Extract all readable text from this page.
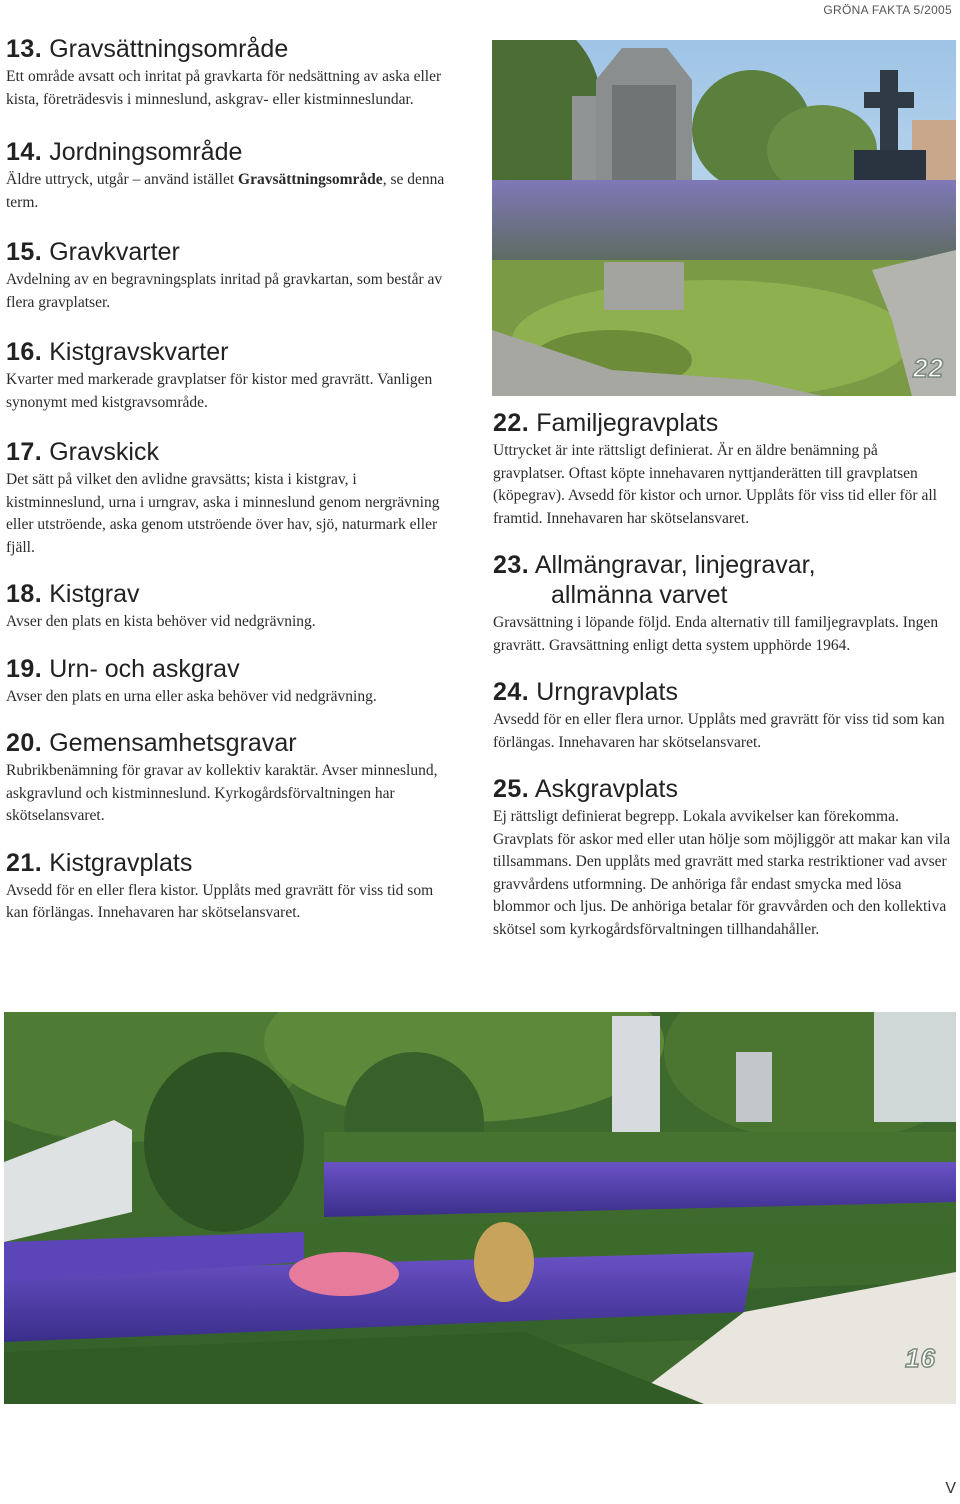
GRÖNA FAKTA 5/2005
13. Gravsättningsområde

Ett område avsatt och inritat på gravkarta för nedsättning av aska eller kista, företrädesvis i minneslund, askgrav- eller kistminneslundar.

14. Jordningsområde

Äldre uttryck, utgår – använd istället Gravsättningsområde, se denna term.

15. Gravkvarter

Avdelning av en begravningsplats inritad på gravkartan, som består av flera gravplatser.

16. Kistgravskvarter

Kvarter med markerade gravplatser för kistor med gravrätt. Vanligen synonymt med kistgravsområde.

17. Gravskick

Det sätt på vilket den avlidne gravsätts; kista i kistgrav, i kistminneslund, urna i urngrav, aska i minneslund genom nergrävning eller utströende, aska genom utströende över hav, sjö, naturmark eller fjäll.

18. Kistgrav

Avser den plats en kista behöver vid nedgrävning.

19. Urn- och askgrav

Avser den plats en urna eller aska behöver vid nedgrävning.

20. Gemensamhetsgravar

Rubrikbenämning för gravar av kollektiv karaktär. Avser minneslund, askgravlund och kistminneslund. Kyrkogårdsförvaltningen har skötselansvaret.

21. Kistgravplats

Avsedd för en eller flera kistor. Upplåts med gravrätt för viss tid som kan förlängas. Innehavaren har skötselansvaret.

22
22. Familjegravplats

Uttrycket är inte rättsligt definierat. Är en äldre benämning på gravplatser. Oftast köpte innehavaren nyttjanderätten till gravplatsen (köpegrav). Avsedd för kistor och urnor. Upplåts för viss tid eller för all framtid. Innehavaren har skötselansvaret.

23. Allmängravar, linjegravar,
allmänna varvet

Gravsättning i löpande följd. Enda alternativ till familjegravplats. Ingen gravrätt. Gravsättning enligt detta system upphörde 1964.

24. Urngravplats

Avsedd för en eller flera urnor. Upplåts med gravrätt för viss tid som kan förlängas. Innehavaren har skötselansvaret.

25. Askgravplats

Ej rättsligt definierat begrepp. Lokala avvikelser kan förekomma. Gravplats för askor med eller utan hölje som möjliggör att makar kan vila tillsammans. Den upplåts med gravrätt med starka restriktioner vad avser gravvårdens utformning. De anhöriga får endast smycka med lösa blommor och ljus. De anhöriga betalar för gravvården och den kollektiva skötsel som kyrkogårdsförvaltningen tillhandahåller.

16
V
